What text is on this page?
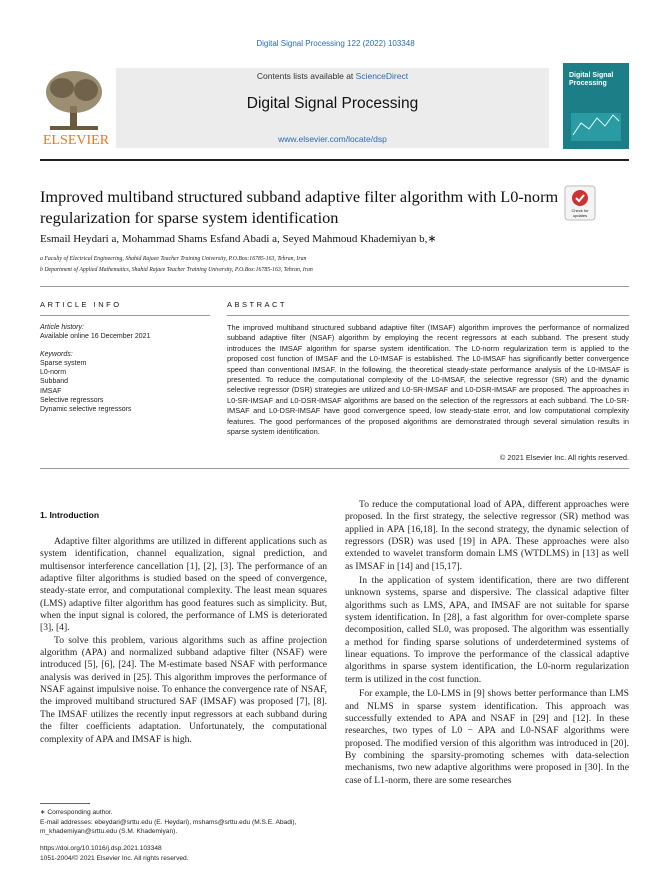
Digital Signal Processing 122 (2022) 103348
ELSEVIER
Contents lists available at ScienceDirect
Digital Signal Processing
www.elsevier.com/locate/dsp
Digital Signal Processing
Improved multiband structured subband adaptive filter algorithm with L0-norm regularization for sparse system identification	Check for
updates
Esmail Heydari a, Mohammad Shams Esfand Abadi a, Seyed Mahmoud Khademiyan b,∗
a Faculty of Electrical Engineering, Shahid Rajaee Teacher Training University, P.O.Box:16785-163, Tehran, Iran
b Department of Applied Mathematics, Shahid Rajaee Teacher Training University, P.O.Box:16785-163, Tehran, Iran
ARTICLE INFO
Article history:
Available online 16 December 2021
Keywords:
Sparse system
L0-norm
Subband
IMSAF
Selective regressors
Dynamic selective regressors
ABSTRACT
The improved multiband structured subband adaptive filter (IMSAF) algorithm improves the performance of normalized subband adaptive filter (NSAF) algorithm by employing the recent regressors at each subband. The present study introduces the IMSAF algorithm for sparse system identification. The L0-norm regularization term is applied to the proposed cost function of IMSAF and the L0-IMSAF is established. The L0-IMSAF has significantly better convergence speed than conventional IMSAF. In the following, the theoretical steady-state performance analysis of the L0-IMSAF is presented. To reduce the computational complexity of the L0-IMSAF, the selective regressor (SR) and the dynamic selective regressor (DSR) strategies are utilized and L0-SR-IMSAF and L0-DSR-IMSAF are proposed. The approaches in L0-SR-IMSAF and L0-DSR-IMSAF algorithms are based on the selection of the regressors at each subband. The L0-SR-IMSAF and L0-DSR-IMSAF have good convergence speed, low steady-state error, and low computational complexity features. The good performances of the proposed algorithms are demonstrated through several simulation results in sparse system identification.
© 2021 Elsevier Inc. All rights reserved.
1. Introduction

Adaptive filter algorithms are utilized in different applications such as system identification, channel equalization, signal prediction, and multisensor interference cancellation [1], [2], [3]. The performance of an adaptive filter algorithms is studied based on the speed of convergence, steady-state error, and computational complexity. The least mean squares (LMS) adaptive filter algorithm has good features such as simplicity. But, when the input signal is colored, the performance of LMS is deteriorated [3], [4].

To solve this problem, various algorithms such as affine projection algorithm (APA) and normalized subband adaptive filter (NSAF) were introduced [5], [6], [24]. The M-estimate based NSAF with performance analysis was derived in [25]. This algorithm improves the performance of NSAF against impulsive noise. To enhance the convergence rate of NSAF, the improved multiband structured SAF (IMSAF) was proposed [7], [8]. The IMSAF utilizes the recently input regressors at each subband during the filter coefficients adaptation. Unfortunately, the computational complexity of APA and IMSAF is high.

To reduce the computational load of APA, different approaches were proposed. In the first strategy, the selective regressor (SR) method was applied in APA [16,18]. In the second strategy, the dynamic selection of regressors (DSR) was used [19] in APA. These approaches were also extended to wavelet transform domain LMS (WTDLMS) in [13] as well as IMSAF in [14] and [15,17].

In the application of system identification, there are two different unknown systems, sparse and dispersive. The classical adaptive filter algorithms such as LMS, APA, and IMSAF are not suitable for sparse system identification. In [28], a fast algorithm for over-complete sparse decomposition, called SL0, was proposed. The algorithm was essentially a method for finding sparse solutions of underdetermined systems of linear equations. To improve the performance of the classical adaptive algorithms in sparse system identification, the L0-norm regularization term is utilized in the cost function.

For example, the L0-LMS in [9] shows better performance than LMS and NLMS in sparse system identification. This approach was successfully extended to APA and NSAF in [29] and [12]. In these researches, two types of L0 − APA and L0-NSAF algorithms were proposed. The modified version of this algorithm was introduced in [20]. By combining the sparsity-promoting schemes with data-selection mechanisms, two new adaptive algorithms were proposed in [30]. In the case of L1-norm, there are some researches

∗ Corresponding author.
E-mail addresses: ebeydari@srttu.edu (E. Heydari), mshams@srttu.edu (M.S.E. Abadi), m_khademiyan@srttu.edu (S.M. Khademiyan).
https://doi.org/10.1016/j.dsp.2021.103348
1051-2004/© 2021 Elsevier Inc. All rights reserved.
